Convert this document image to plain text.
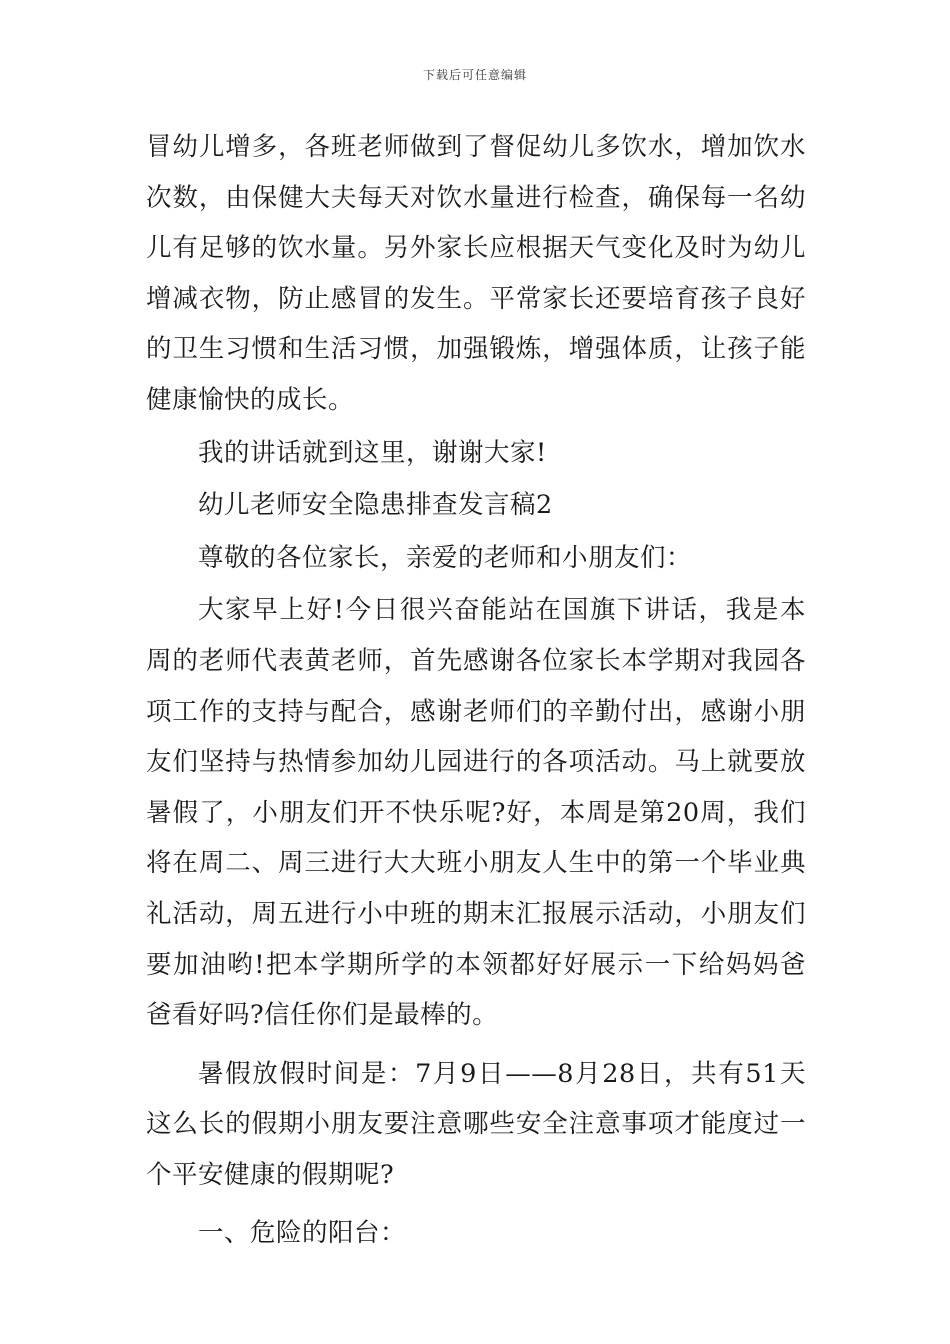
下载后可任意编辑

冒幼儿增多，各班老师做到了督促幼儿多饮水，增加饮水次数，由保健大夫每天对饮水量进行检查，确保每一名幼儿有足够的饮水量。另外家长应根据天气变化及时为幼儿增减衣物，防止感冒的发生。平常家长还要培育孩子良好的卫生习惯和生活习惯，加强锻炼，增强体质，让孩子能健康愉快的成长。

我的讲话就到这里，谢谢大家!

幼儿老师安全隐患排查发言稿2

尊敬的各位家长，亲爱的老师和小朋友们：

大家早上好!今日很兴奋能站在国旗下讲话，我是本周的老师代表黄老师，首先感谢各位家长本学期对我园各项工作的支持与配合，感谢老师们的辛勤付出，感谢小朋友们坚持与热情参加幼儿园进行的各项活动。马上就要放暑假了，小朋友们开不快乐呢?好，本周是第20周，我们将在周二、周三进行大大班小朋友人生中的第一个毕业典礼活动，周五进行小中班的期末汇报展示活动，小朋友们要加油哟!把本学期所学的本领都好好展示一下给妈妈爸爸看好吗?信任你们是最棒的。

暑假放假时间是：7月9日——8月28日，共有51天这么长的假期小朋友要注意哪些安全注意事项才能度过一个平安健康的假期呢?

一、危险的阳台：
